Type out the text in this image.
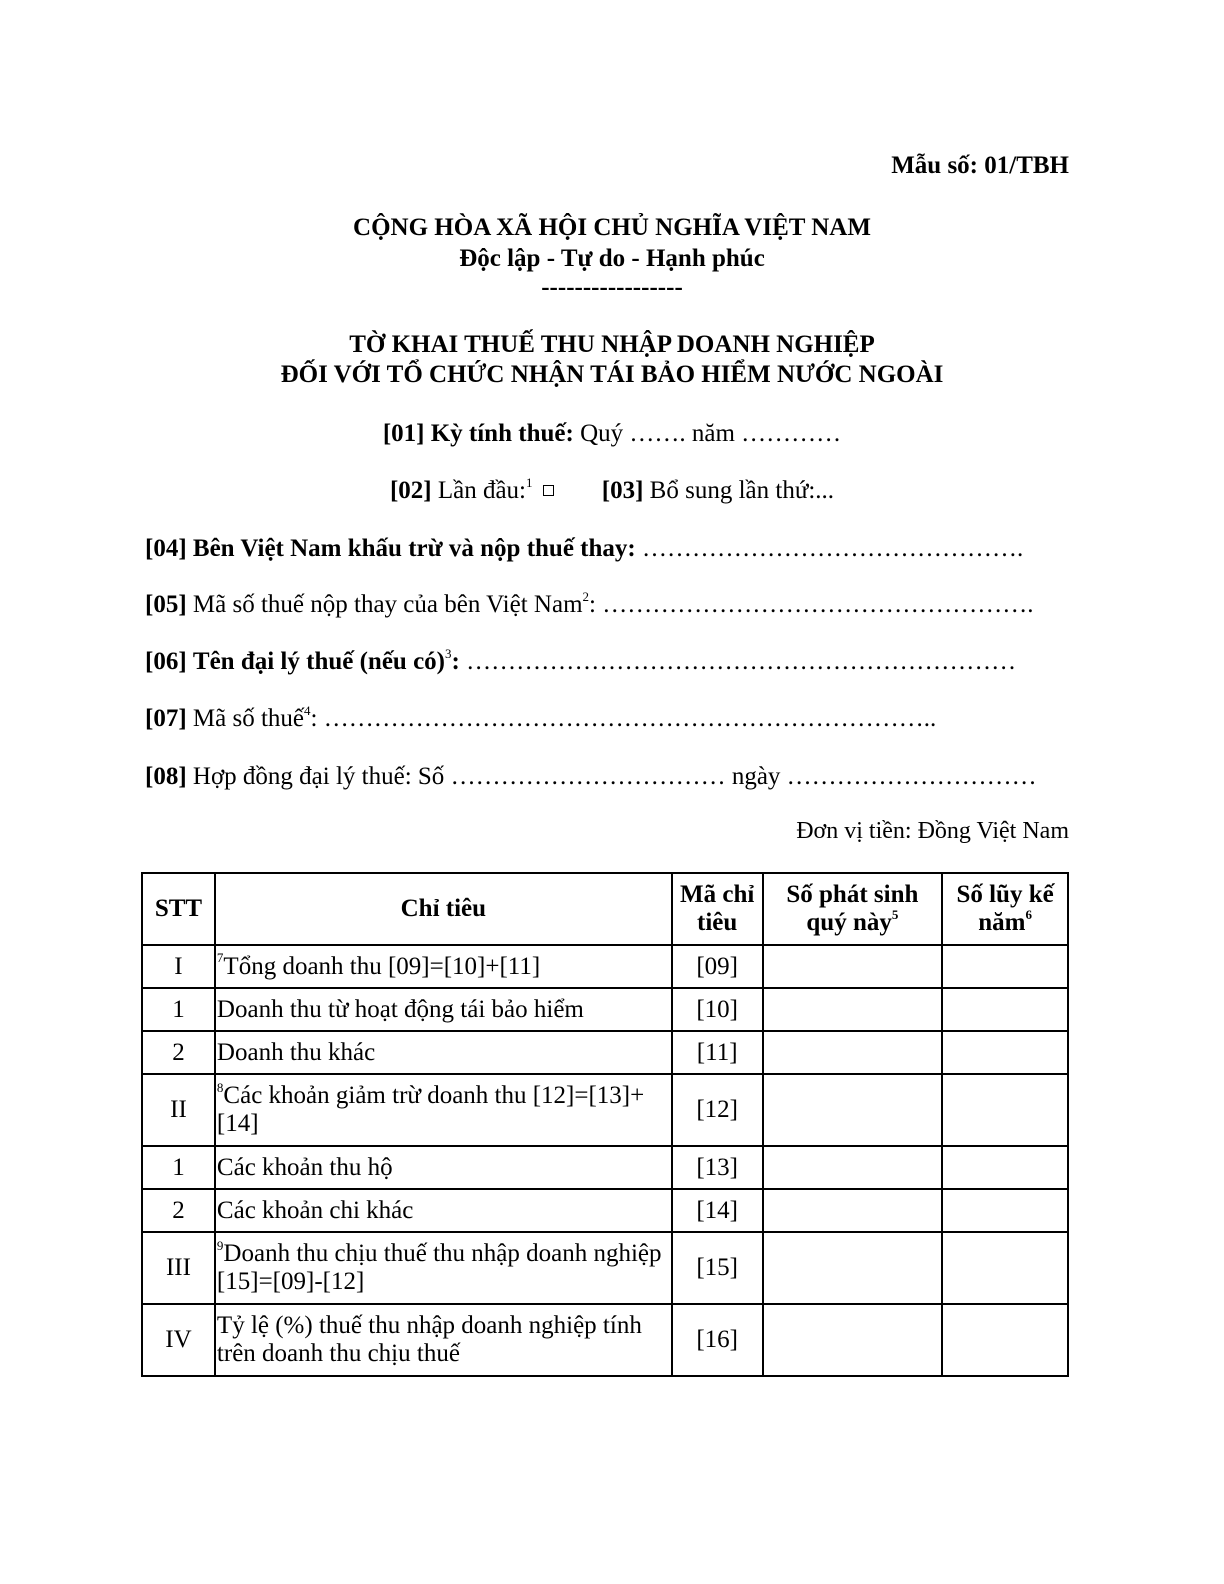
Mẫu số: 01/TBH
CỘNG HÒA XÃ HỘI CHỦ NGHĨA VIỆT NAM
Độc lập - Tự do - Hạnh phúc
-----------------
TỜ KHAI THUẾ THU NHẬP DOANH NGHIỆP
ĐỐI VỚI TỔ CHỨC NHẬN TÁI BẢO HIỂM NƯỚC NGOÀI
[01] Kỳ tính thuế: Quý ……. năm …………
[02] Lần đầu:$^1$	[03] Bổ sung lần thứ:...
[04] Bên Việt Nam khấu trừ và nộp thuế thay: ……………………………………….
[05] Mã số thuế nộp thay của bên Việt Nam$^2$: …………………………………………….
[06] Tên đại lý thuế (nếu có)$^3$: …………………………………………………………
[07] Mã số thuế$^4$: ………………………………………………………………..
[08] Hợp đồng đại lý thuế: Số …………………………… ngày …………………………
Đơn vị tiền: Đồng Việt Nam
STT	Chỉ tiêu	Mã chỉ tiêu	Số phát sinh quý này$^5$	Số lũy kế năm$^6$
I	$^7$Tổng doanh thu [09]=[10]+[11]	[09]		
1	Doanh thu từ hoạt động tái bảo hiểm	[10]		
2	Doanh thu khác	[11]		
II	$^8$Các khoản giảm trừ doanh thu [12]=[13]+[14]	[12]		
1	Các khoản thu hộ	[13]		
2	Các khoản chi khác	[14]		
III	$^9$Doanh thu chịu thuế thu nhập doanh nghiệp [15]=[09]-[12]	[15]		
IV	Tỷ lệ (%) thuế thu nhập doanh nghiệp tính trên doanh thu chịu thuế	[16]		
